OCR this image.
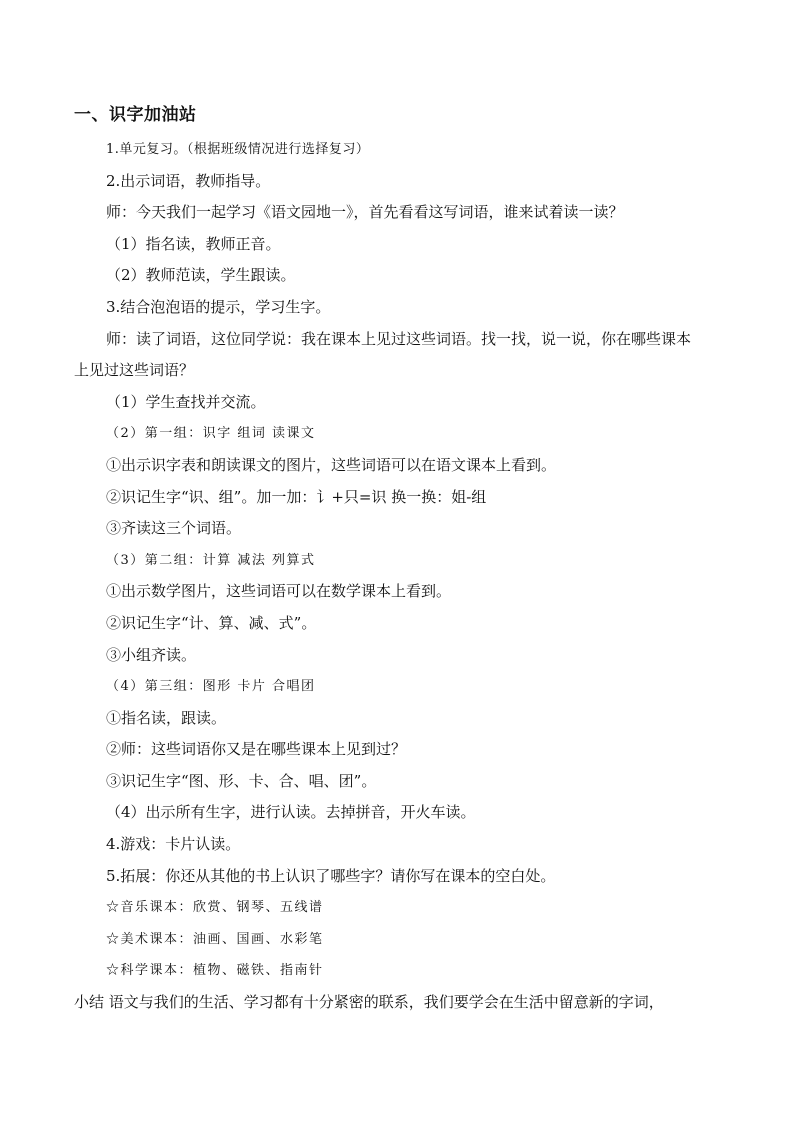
一、识字加油站
1.单元复习。（根据班级情况进行选择复习）
2.出示词语，教师指导。
师：今天我们一起学习《语文园地一》，首先看看这写词语，谁来试着读一读？
（1）指名读，教师正音。
（2）教师范读，学生跟读。
3.结合泡泡语的提示，学习生字。
师：读了词语，这位同学说：我在课本上见过这些词语。找一找，说一说，你在哪些课本
上见过这些词语？
（1）学生查找并交流。
（2）第一组：识字 组词 读课文
①出示识字表和朗读课文的图片，这些词语可以在语文课本上看到。
②识记生字“识、组”。加一加：讠+只=识 换一换：姐-组
③齐读这三个词语。
（3）第二组：计算 减法 列算式
①出示数学图片，这些词语可以在数学课本上看到。
②识记生字“计、算、减、式”。
③小组齐读。
（4）第三组：图形 卡片 合唱团
①指名读，跟读。
②师：这些词语你又是在哪些课本上见到过？
③识记生字“图、形、卡、合、唱、团”。
（4）出示所有生字，进行认读。去掉拼音，开火车读。
4.游戏：卡片认读。
5.拓展：你还从其他的书上认识了哪些字？请你写在课本的空白处。
☆音乐课本：欣赏、钢琴、五线谱
☆美术课本：油画、国画、水彩笔
☆科学课本：植物、磁铁、指南针
小结 语文与我们的生活、学习都有十分紧密的联系，我们要学会在生活中留意新的字词，
